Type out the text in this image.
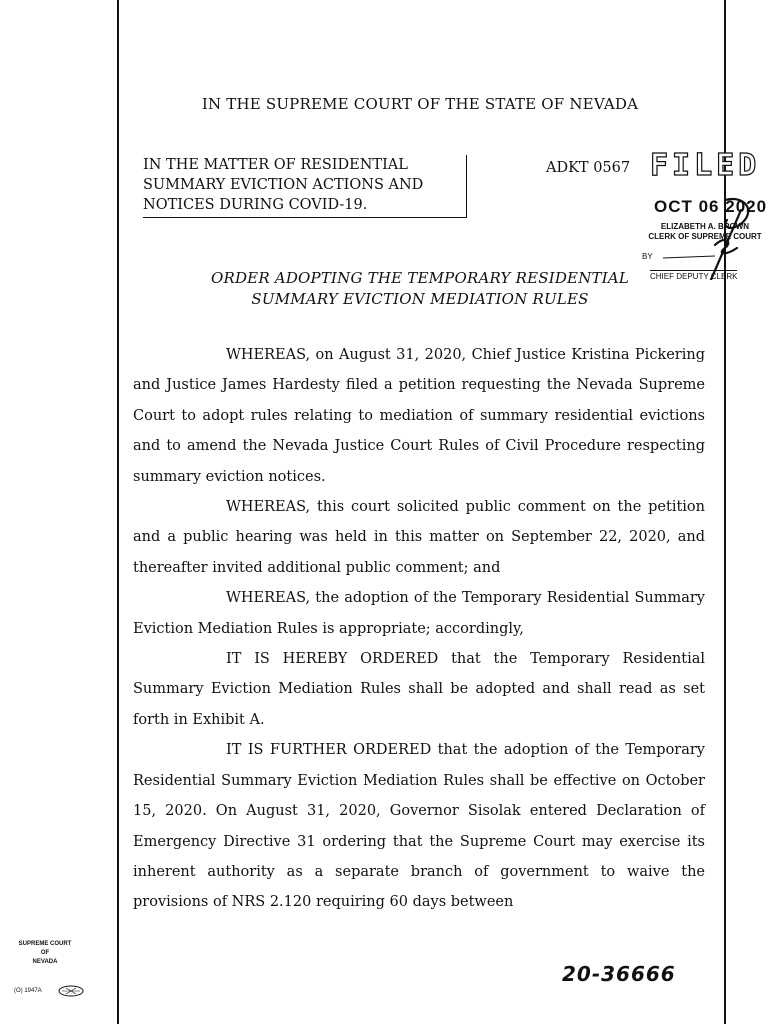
IN THE SUPREME COURT OF THE STATE OF NEVADA
IN THE MATTER OF RESIDENTIAL
SUMMARY EVICTION ACTIONS AND
NOTICES DURING COVID-19.
ADKT 0567 FILED
OCT 06 2020
ELIZABETH A. BROWN
CLERK OF SUPREME COURT
BY
CHIEF DEPUTY CLERK
ORDER ADOPTING THE TEMPORARY RESIDENTIAL
SUMMARY EVICTION MEDIATION RULES

WHEREAS, on August 31, 2020, Chief Justice Kristina Pickering and Justice James Hardesty filed a petition requesting the Nevada Supreme Court to adopt rules relating to mediation of summary residential evictions and to amend the Nevada Justice Court Rules of Civil Procedure respecting summary eviction notices.

WHEREAS, this court solicited public comment on the petition and a public hearing was held in this matter on September 22, 2020, and thereafter invited additional public comment; and

WHEREAS, the adoption of the Temporary Residential Summary Eviction Mediation Rules is appropriate; accordingly,

IT IS HEREBY ORDERED that the Temporary Residential Summary Eviction Mediation Rules shall be adopted and shall read as set forth in Exhibit A.

IT IS FURTHER ORDERED that the adoption of the Temporary Residential Summary Eviction Mediation Rules shall be effective on October 15, 2020. On August 31, 2020, Governor Sisolak entered Declaration of Emergency Directive 31 ordering that the Supreme Court may exercise its inherent authority as a separate branch of government to waive the provisions of NRS 2.120 requiring 60 days between

SUPREME COURT
OF
NEVADA
(O) 1947A
20-36666
